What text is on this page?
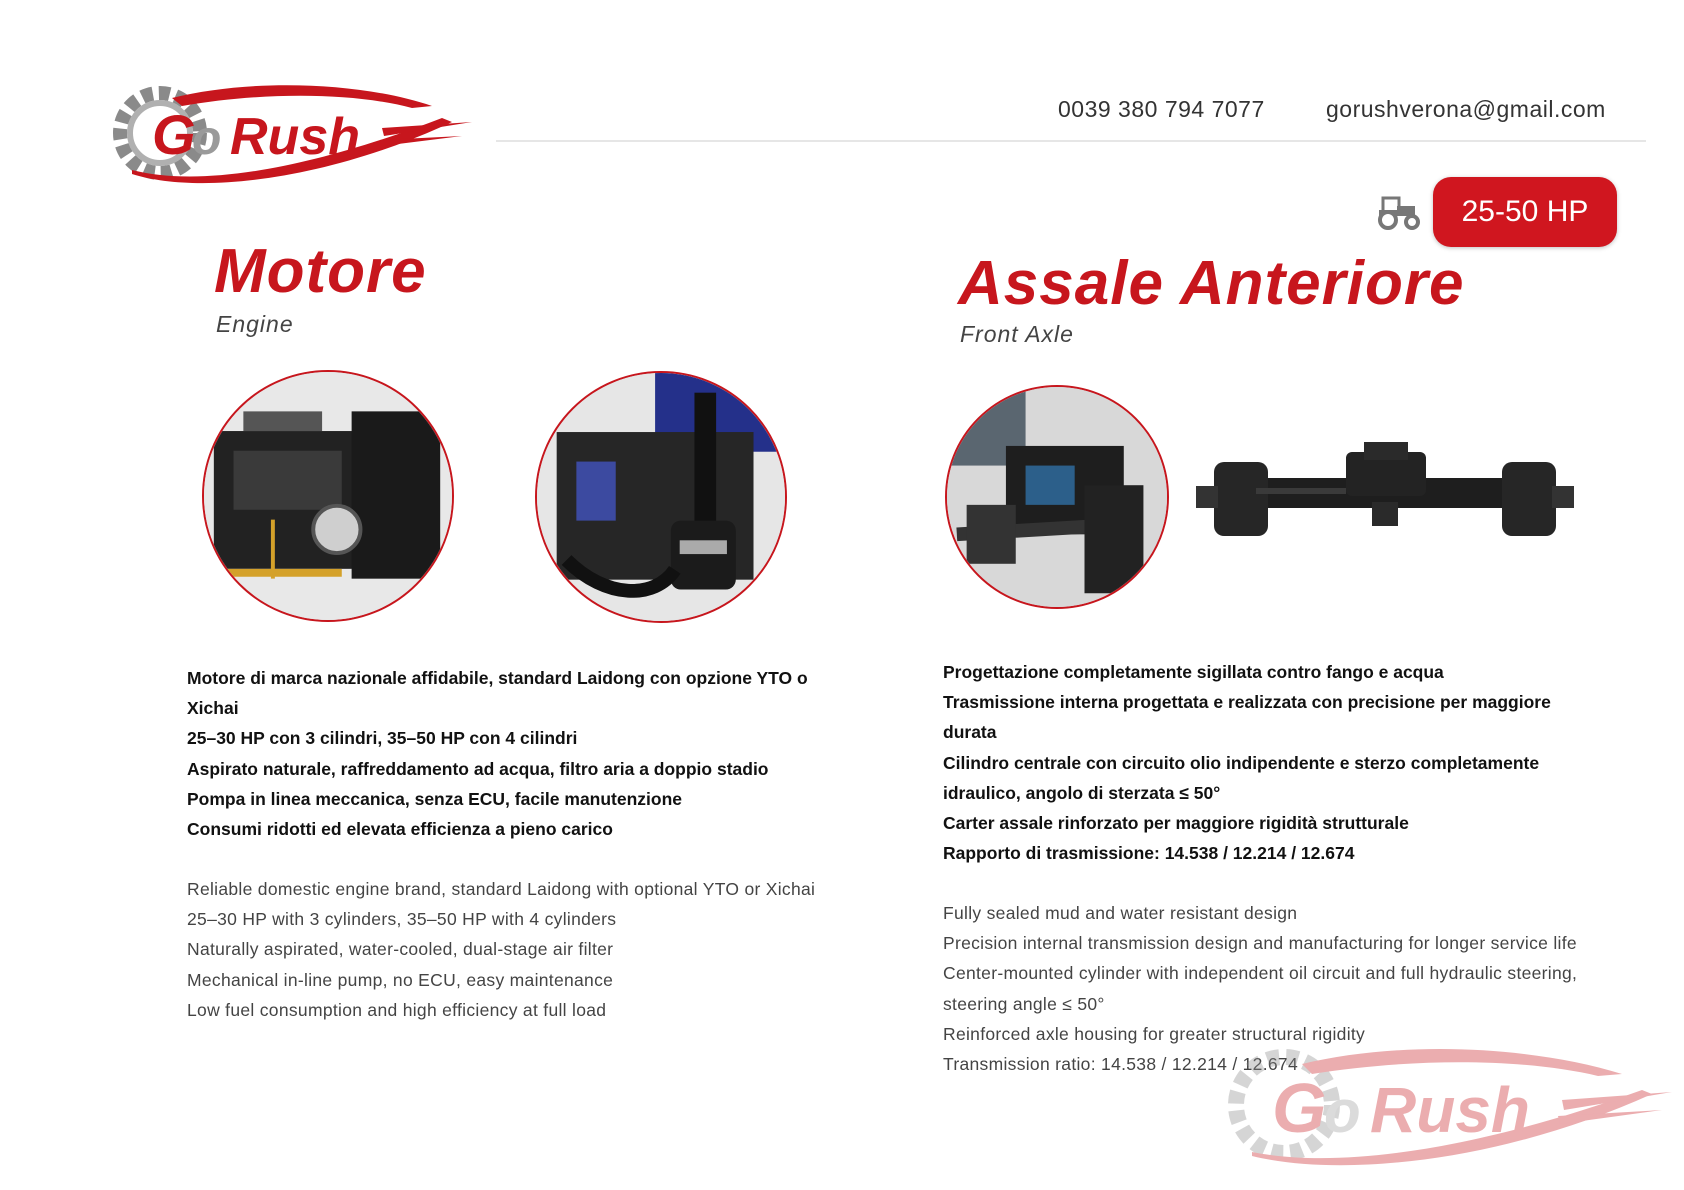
G
o Rush	0039 380 794 7077	gorushverona@gmail.com
25-50 HP
Motore
Engine
Assale Anteriore
Front Axle
Motore di marca nazionale affidabile, standard Laidong con opzione YTO o
Xichai
25–30 HP con 3 cilindri, 35–50 HP con 4 cilindri
Aspirato naturale, raffreddamento ad acqua, filtro aria a doppio stadio
Pompa in linea meccanica, senza ECU, facile manutenzione
Consumi ridotti ed elevata efficienza a pieno carico
Reliable domestic engine brand, standard Laidong with optional YTO or Xichai
25–30 HP with 3 cylinders, 35–50 HP with 4 cylinders
Naturally aspirated, water-cooled, dual-stage air filter
Mechanical in-line pump, no ECU, easy maintenance
Low fuel consumption and high efficiency at full load
Progettazione completamente sigillata contro fango e acqua
Trasmissione interna progettata e realizzata con precisione per maggiore
durata
Cilindro centrale con circuito olio indipendente e sterzo completamente
idraulico, angolo di sterzata ≤ 50°
Carter assale rinforzato per maggiore rigidità strutturale
Rapporto di trasmissione: 14.538 / 12.214 / 12.674
Fully sealed mud and water resistant design
Precision internal transmission design and manufacturing for longer service life
Center-mounted cylinder with independent oil circuit and full hydraulic steering,
steering angle ≤ 50°
Reinforced axle housing for greater structural rigidity
Transmission ratio: 14.538 / 12.214 / 12.674
G
o Rush
